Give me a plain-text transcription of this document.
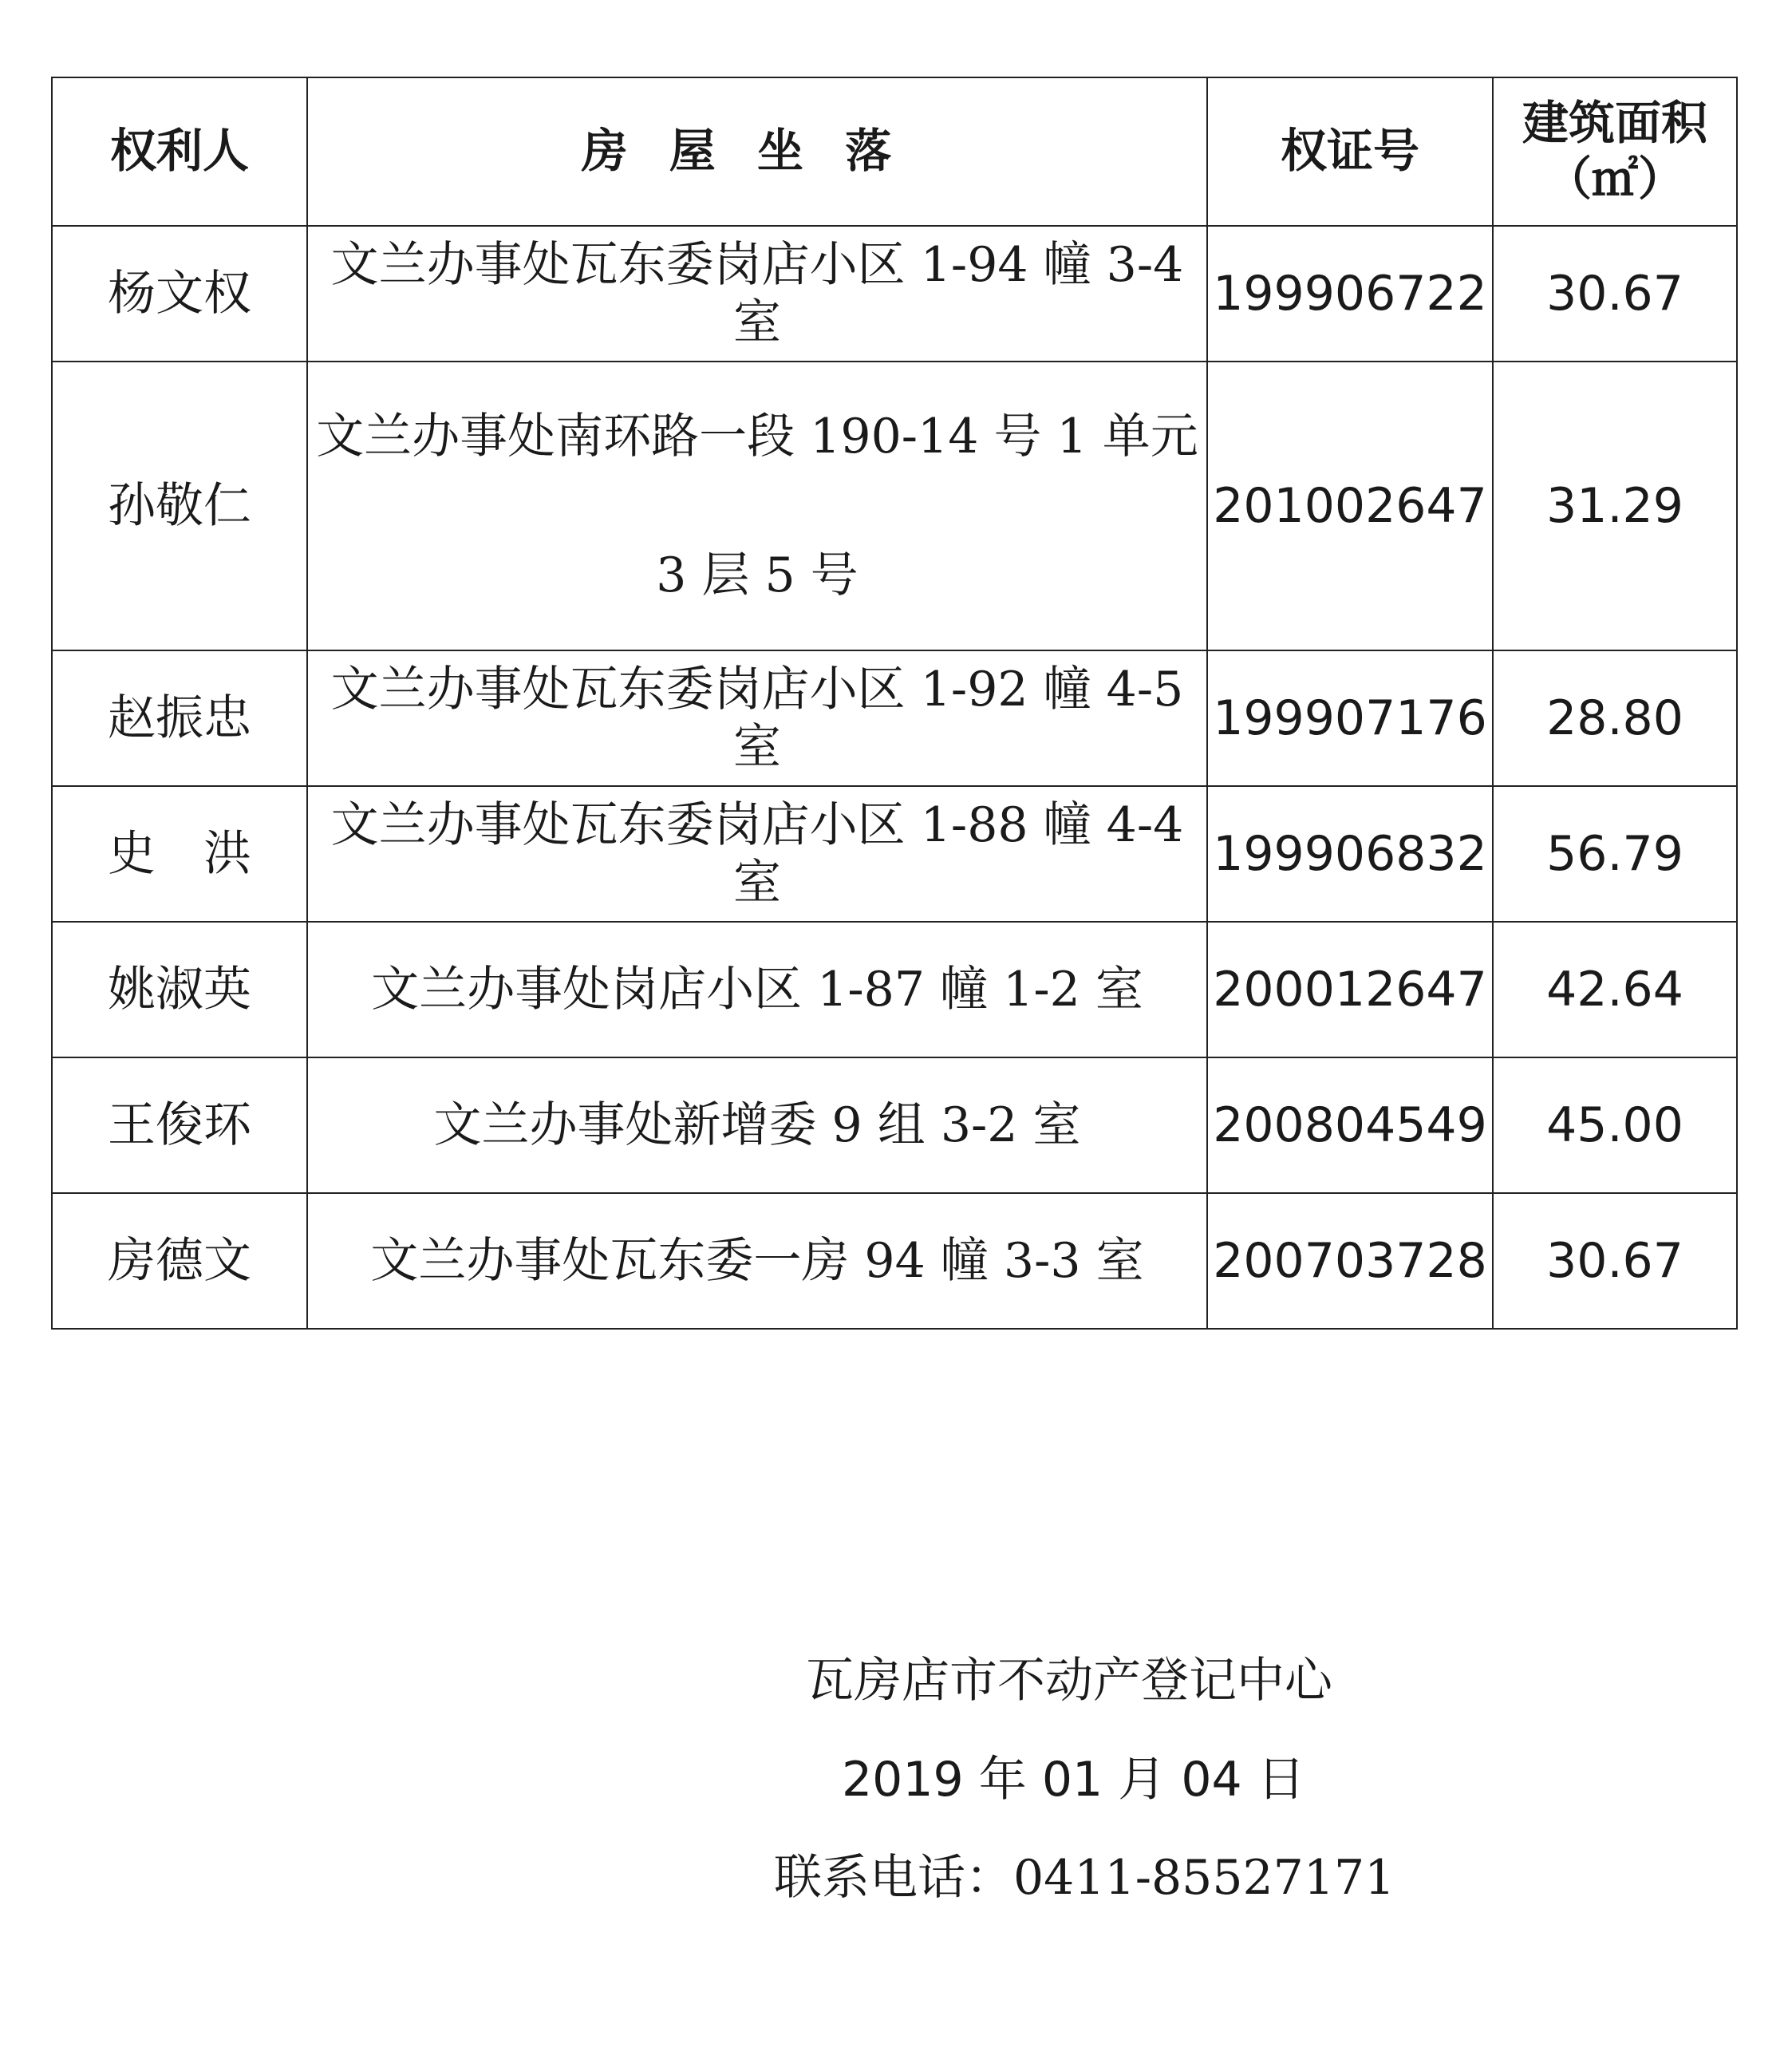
权利人	房屋坐落	权证号	建筑面积
（㎡）

杨文权	文兰办事处瓦东委岗店小区 1-94 幢 3-4 室	199906722	30.67
孙敬仁	文兰办事处南环路一段 190-14 号 1 单元 3 层 5 号	201002647	31.29
赵振忠	文兰办事处瓦东委岗店小区 1-92 幢 4-5 室	199907176	28.80
史　洪	文兰办事处瓦东委岗店小区 1-88 幢 4-4 室	199906832	56.79
姚淑英	文兰办事处岗店小区 1-87 幢 1-2 室	200012647	42.64
王俊环	文兰办事处新增委 9 组 3-2 室	200804549	45.00
房德文	文兰办事处瓦东委一房 94 幢 3-3 室	200703728	30.67
瓦房店市不动产登记中心
2019 年 01 月 04 日
联系电话：0411-85527171
